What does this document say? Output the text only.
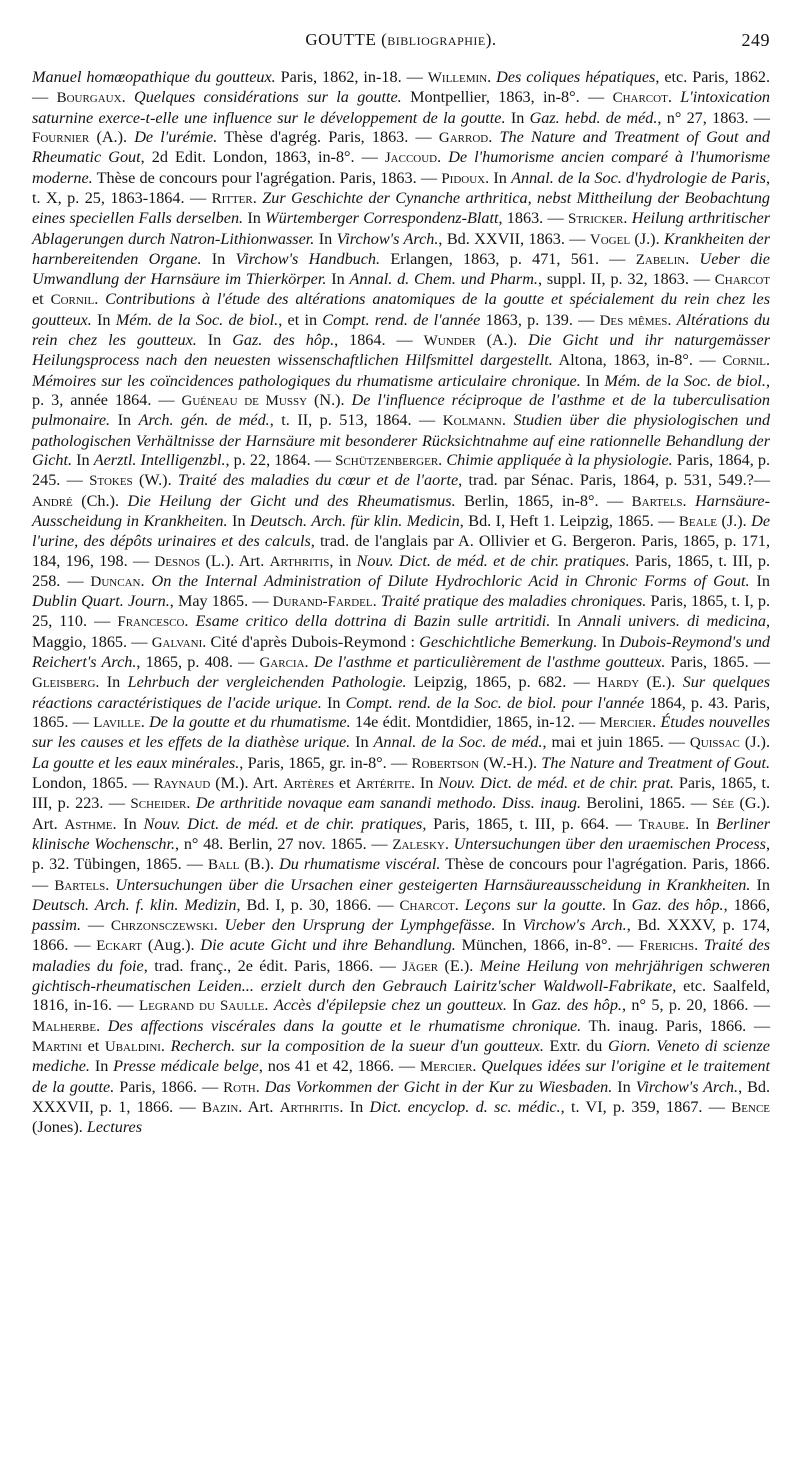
GOUTTE (bibliographie).	249

Manuel homœopathique du goutteux. Paris, 1862, in-18. — Willemin. Des coliques hépatiques, etc. Paris, 1862. — Bourgaux. Quelques considérations sur la goutte. Montpellier, 1863, in-8°. — Charcot. L'intoxication saturnine exerce-t-elle une influence sur le développement de la goutte. In Gaz. hebd. de méd., n° 27, 1863. — Fournier (A.). De l'urémie. Thèse d'agrég. Paris, 1863. — Garrod. The Nature and Treatment of Gout and Rheumatic Gout, 2d Edit. London, 1863, in-8°. — Jaccoud. De l'humorisme ancien comparé à l'humorisme moderne. Thèse de concours pour l'agrégation. Paris, 1863. — Pidoux. In Annal. de la Soc. d'hydrologie de Paris, t. X, p. 25, 1863-1864. — Ritter. Zur Geschichte der Cynanche arthritica, nebst Mittheilung der Beobachtung eines speciellen Falls derselben. In Würtemberger Correspondenz-Blatt, 1863. — Stricker. Heilung arthritischer Ablagerungen durch Natron-Lithionwasser. In Virchow's Arch., Bd. XXVII, 1863. — Vogel (J.). Krankheiten der harnbereitenden Organe. In Virchow's Handbuch. Erlangen, 1863, p. 471, 561. — Zabelin. Ueber die Umwandlung der Harnsäure im Thierkörper. In Annal. d. Chem. und Pharm., suppl. II, p. 32, 1863. — Charcot et Cornil. Contributions à l'étude des altérations anatomiques de la goutte et spécialement du rein chez les goutteux. In Mém. de la Soc. de biol., et in Compt. rend. de l'année 1863, p. 139. — Des mêmes. Altérations du rein chez les goutteux. In Gaz. des hôp., 1864. — Wunder (A.). Die Gicht und ihr naturgemässer Heilungsprocess nach den neuesten wissenschaftlichen Hilfsmittel dargestellt. Altona, 1863, in-8°. — Cornil. Mémoires sur les coïncidences pathologiques du rhumatisme articulaire chronique. In Mém. de la Soc. de biol., p. 3, année 1864. — Guéneau de Mussy (N.). De l'influence réciproque de l'asthme et de la tuberculisation pulmonaire. In Arch. gén. de méd., t. II, p. 513, 1864. — Kolmann. Studien über die physiologischen und pathologischen Verhältnisse der Harnsäure mit besonderer Rücksichtnahme auf eine rationnelle Behandlung der Gicht. In Aerztl. Intelligenzbl., p. 22, 1864. — Schützenberger. Chimie appliquée à la physiologie. Paris, 1864, p. 245. — Stokes (W.). Traité des maladies du cœur et de l'aorte, trad. par Sénac. Paris, 1864, p. 531, 549.?— André (Ch.). Die Heilung der Gicht und des Rheumatismus. Berlin, 1865, in-8°. — Bartels. Harnsäure-Ausscheidung in Krankheiten. In Deutsch. Arch. für klin. Medicin, Bd. I, Heft 1. Leipzig, 1865. — Beale (J.). De l'urine, des dépôts urinaires et des calculs, trad. de l'anglais par A. Ollivier et G. Bergeron. Paris, 1865, p. 171, 184, 196, 198. — Desnos (L.). Art. Arthritis, in Nouv. Dict. de méd. et de chir. pratiques. Paris, 1865, t. III, p. 258. — Duncan. On the Internal Administration of Dilute Hydrochloric Acid in Chronic Forms of Gout. In Dublin Quart. Journ., May 1865. — Durand-Fardel. Traité pratique des maladies chroniques. Paris, 1865, t. I, p. 25, 110. — Francesco. Esame critico della dottrina di Bazin sulle artritidi. In Annali univers. di medicina, Maggio, 1865. — Galvani. Cité d'après Dubois-Reymond : Geschichtliche Bemerkung. In Dubois-Reymond's und Reichert's Arch., 1865, p. 408. — Garcia. De l'asthme et particulièrement de l'asthme goutteux. Paris, 1865. — Gleisberg. In Lehrbuch der vergleichenden Pathologie. Leipzig, 1865, p. 682. — Hardy (E.). Sur quelques réactions caractéristiques de l'acide urique. In Compt. rend. de la Soc. de biol. pour l'année 1864, p. 43. Paris, 1865. — Laville. De la goutte et du rhumatisme. 14e édit. Montdidier, 1865, in-12. — Mercier. Études nouvelles sur les causes et les effets de la diathèse urique. In Annal. de la Soc. de méd., mai et juin 1865. — Quissac (J.). La goutte et les eaux minérales., Paris, 1865, gr. in-8°. — Robertson (W.-H.). The Nature and Treatment of Gout. London, 1865. — Raynaud (M.). Art. Artères et Artérite. In Nouv. Dict. de méd. et de chir. prat. Paris, 1865, t. III, p. 223. — Scheider. De arthritide novaque eam sanandi methodo. Diss. inaug. Berolini, 1865. — Sée (G.). Art. Asthme. In Nouv. Dict. de méd. et de chir. pratiques, Paris, 1865, t. III, p. 664. — Traube. In Berliner klinische Wochenschr., n° 48. Berlin, 27 nov. 1865. — Zalesky. Untersuchungen über den uraemischen Process, p. 32. Tübingen, 1865. — Ball (B.). Du rhumatisme viscéral. Thèse de concours pour l'agrégation. Paris, 1866. — Bartels. Untersuchungen über die Ursachen einer gesteigerten Harnsäureausscheidung in Krankheiten. In Deutsch. Arch. f. klin. Medizin, Bd. I, p. 30, 1866. — Charcot. Leçons sur la goutte. In Gaz. des hôp., 1866, passim. — Chrzonsczewski. Ueber den Ursprung der Lymphgefässe. In Virchow's Arch., Bd. XXXV, p. 174, 1866. — Eckart (Aug.). Die acute Gicht und ihre Behandlung. München, 1866, in-8°. — Frerichs. Traité des maladies du foie, trad. franç., 2e édit. Paris, 1866. — Jäger (E.). Meine Heilung von mehrjährigen schweren gichtisch-rheumatischen Leiden... erzielt durch den Gebrauch Lairitz'scher Waldwoll-Fabrikate, etc. Saalfeld, 1816, in-16. — Legrand du Saulle. Accès d'épilepsie chez un goutteux. In Gaz. des hôp., n° 5, p. 20, 1866. — Malherbe. Des affections viscérales dans la goutte et le rhumatisme chronique. Th. inaug. Paris, 1866. — Martini et Ubaldini. Recherch. sur la composition de la sueur d'un goutteux. Extr. du Giorn. Veneto di scienze mediche. In Presse médicale belge, nos 41 et 42, 1866. — Mercier. Quelques idées sur l'origine et le traitement de la goutte. Paris, 1866. — Roth. Das Vorkommen der Gicht in der Kur zu Wiesbaden. In Virchow's Arch., Bd. XXXVII, p. 1, 1866. — Bazin. Art. Arthritis. In Dict. encyclop. d. sc. médic., t. VI, p. 359, 1867. — Bence (Jones). Lectures
